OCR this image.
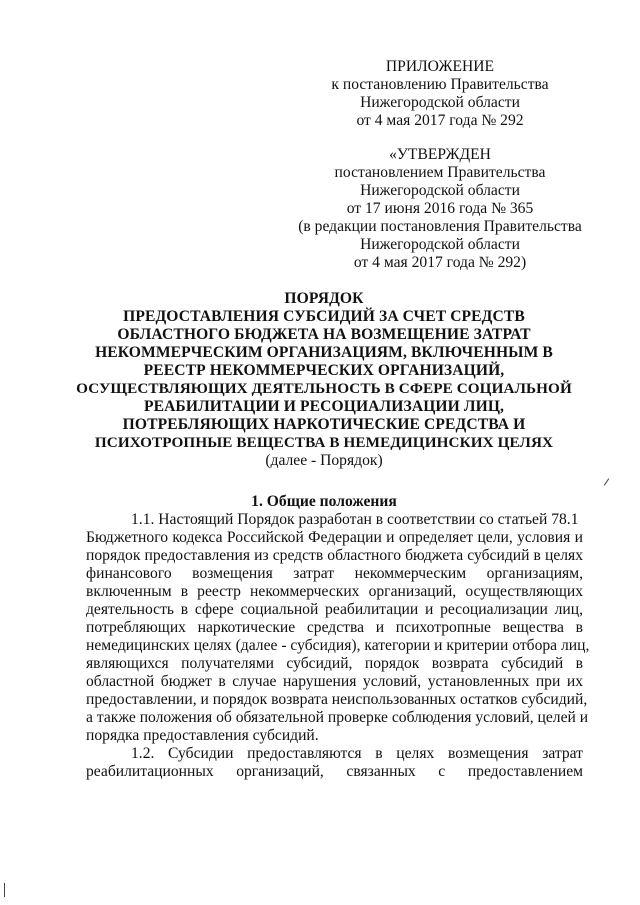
ПРИЛОЖЕНИЕ
к постановлению Правительства
Нижегородской области
от 4 мая 2017 года № 292
«УТВЕРЖДЕН
постановлением Правительства
Нижегородской области
от 17 июня 2016 года № 365
(в редакции постановления Правительства
Нижегородской области
от 4 мая 2017 года № 292)
ПОРЯДОК
ПРЕДОСТАВЛЕНИЯ СУБСИДИЙ ЗА СЧЕТ СРЕДСТВ
ОБЛАСТНОГО БЮДЖЕТА НА ВОЗМЕЩЕНИЕ ЗАТРАТ
НЕКОММЕРЧЕСКИМ ОРГАНИЗАЦИЯМ, ВКЛЮЧЕННЫМ В
РЕЕСТР НЕКОММЕРЧЕСКИХ ОРГАНИЗАЦИЙ,
ОСУЩЕСТВЛЯЮЩИХ ДЕЯТЕЛЬНОСТЬ В СФЕРЕ СОЦИАЛЬНОЙ
РЕАБИЛИТАЦИИ И РЕСОЦИАЛИЗАЦИИ ЛИЦ,
ПОТРЕБЛЯЮЩИХ НАРКОТИЧЕСКИЕ СРЕДСТВА И
ПСИХОТРОПНЫЕ ВЕЩЕСТВА В НЕМЕДИЦИНСКИХ ЦЕЛЯХ
(далее - Порядок)
1. Общие положения
1.1. Настоящий Порядок разработан в соответствии со статьей 78.1
Бюджетного кодекса Российской Федерации и определяет цели, условия и
порядок предоставления из средств областного бюджета субсидий в целях
финансового возмещения затрат некоммерческим организациям,
включенным в реестр некоммерческих организаций, осуществляющих
деятельность в сфере социальной реабилитации и ресоциализации лиц,
потребляющих наркотические средства и психотропные вещества в
немедицинских целях (далее - субсидия), категории и критерии отбора лиц,
являющихся получателями субсидий, порядок возврата субсидий в
областной бюджет в случае нарушения условий, установленных при их
предоставлении, и порядок возврата неиспользованных остатков субсидий,
а также положения об обязательной проверке соблюдения условий, целей и
порядка предоставления субсидий.
1.2. Субсидии предоставляются в целях возмещения затрат
реабилитационных организаций, связанных с предоставлением
